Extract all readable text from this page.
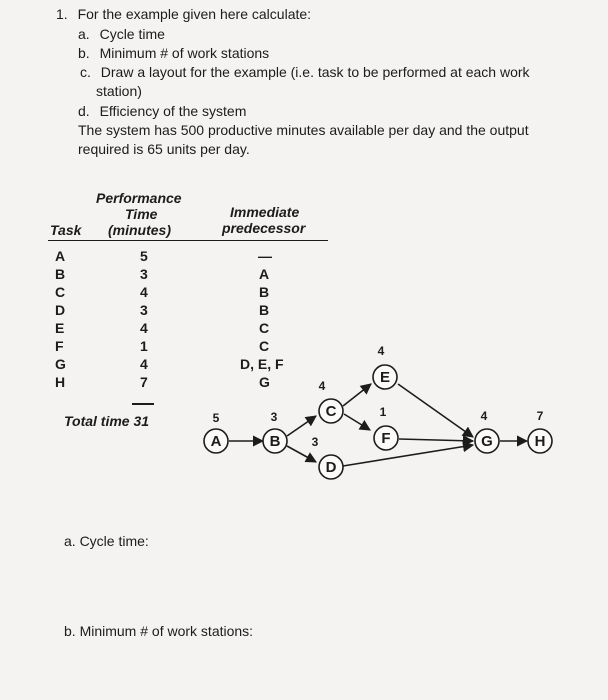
1. For the example given here calculate:
a. Cycle time
b. Minimum # of work stations
c. Draw a layout for the example (i.e. task to be performed at each work
station)
d. Efficiency of the system
The system has 500 productive minutes available per day and the output
required is 65 units per day.
Performance
Time
(minutes)
Task
Immediate
predecessor
A	5	—
B	3	A
C	4	B
D	3	B
E	4	C
F	1	C
G	4	D, E, F
H	7	G
Total time 31
A	B
C
D
E
F	G	H
5	3
4
3
4
1	4	7
a. Cycle time:
b. Minimum # of work stations:
